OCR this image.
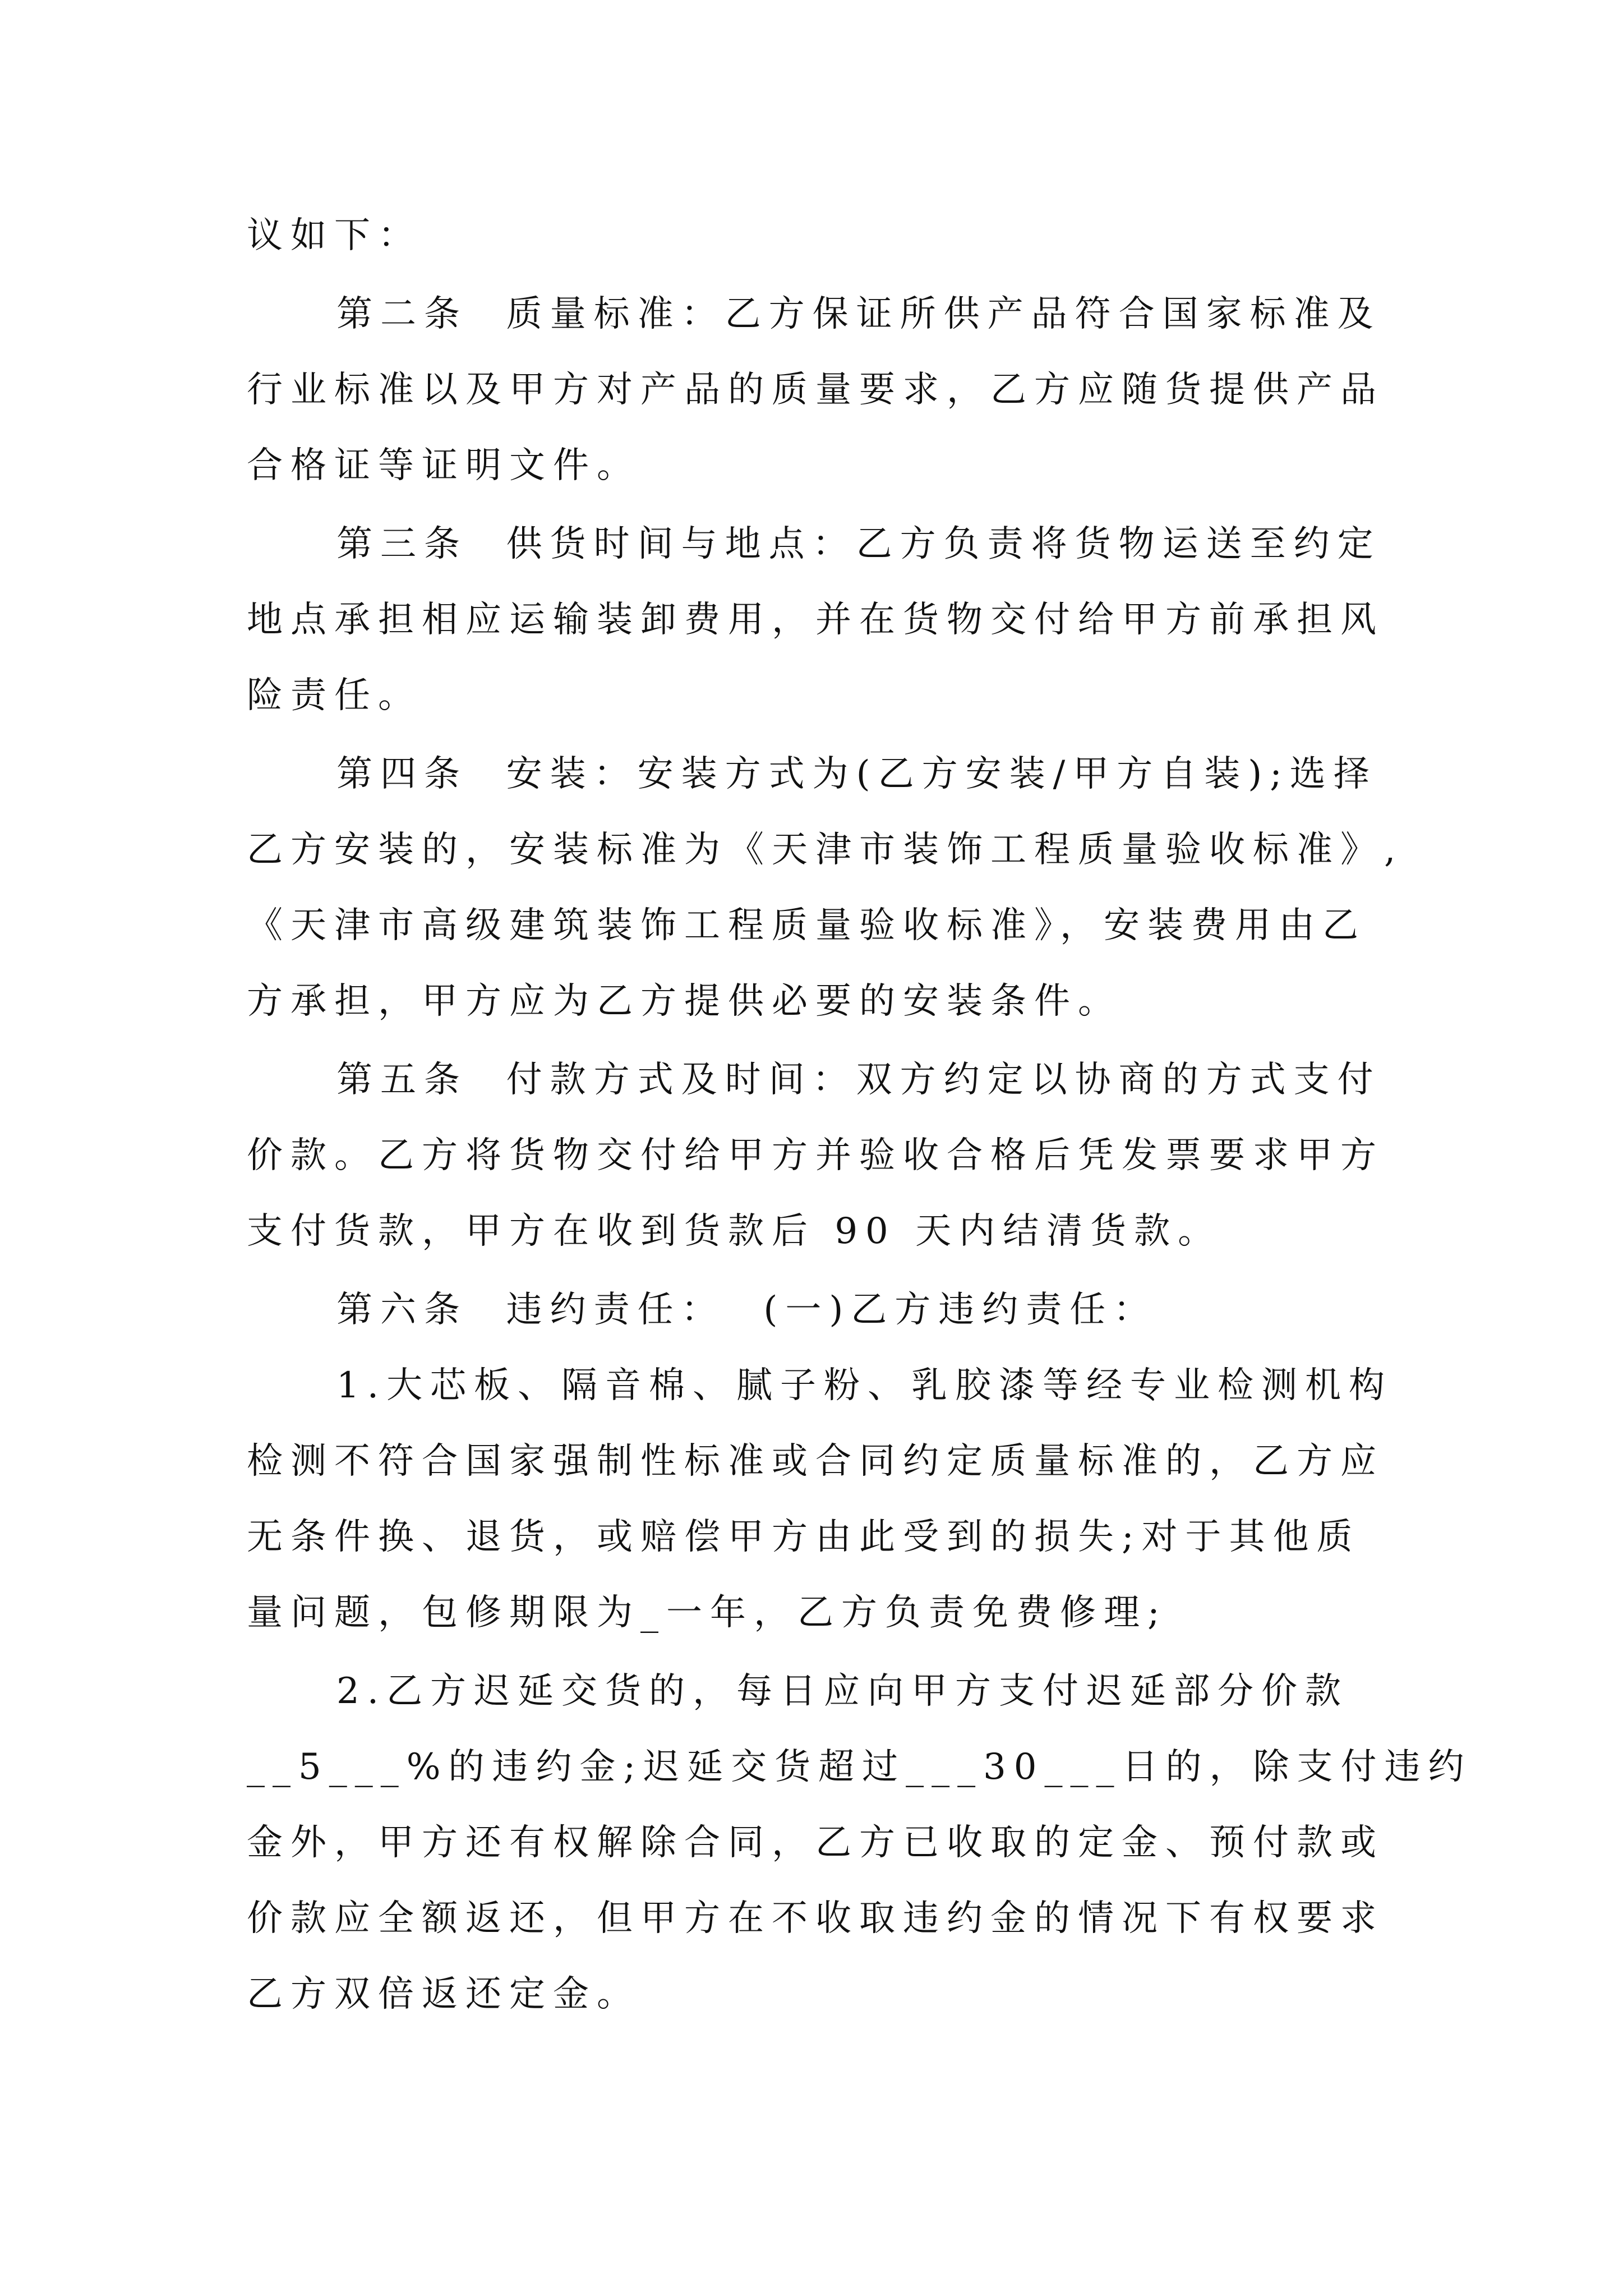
议如下：
第二条  质量标准：乙方保证所供产品符合国家标准及
行业标准以及甲方对产品的质量要求，乙方应随货提供产品
合格证等证明文件。
第三条  供货时间与地点：乙方负责将货物运送至约定
地点承担相应运输装卸费用，并在货物交付给甲方前承担风
险责任。
第四条  安装：安装方式为(乙方安装/甲方自装);选择
乙方安装的，安装标准为《天津市装饰工程质量验收标准》,
《天津市高级建筑装饰工程质量验收标准》，安装费用由乙
方承担，甲方应为乙方提供必要的安装条件。
第五条  付款方式及时间：双方约定以协商的方式支付
价款。乙方将货物交付给甲方并验收合格后凭发票要求甲方
支付货款，甲方在收到货款后 90 天内结清货款。
第六条  违约责任：  (一)乙方违约责任：
1.大芯板、隔音棉、腻子粉、乳胶漆等经专业检测机构
检测不符合国家强制性标准或合同约定质量标准的，乙方应
无条件换、退货，或赔偿甲方由此受到的损失;对于其他质
量问题，包修期限为_一年，乙方负责免费修理;
2.乙方迟延交货的，每日应向甲方支付迟延部分价款
__5___%的违约金;迟延交货超过___30___日的，除支付违约
金外，甲方还有权解除合同，乙方已收取的定金、预付款或
价款应全额返还，但甲方在不收取违约金的情况下有权要求
乙方双倍返还定金。
